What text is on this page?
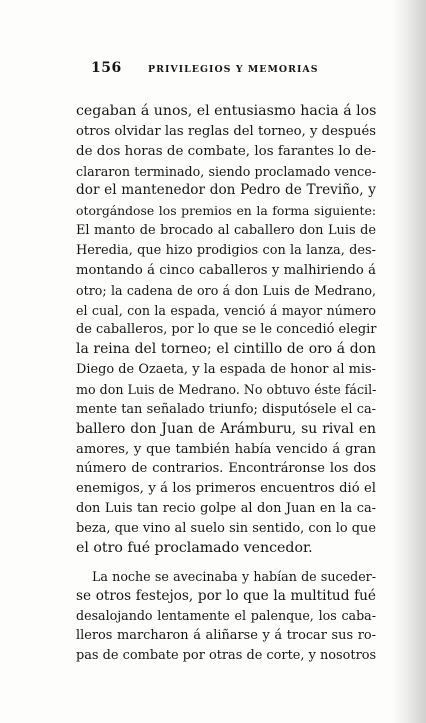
156	PRIVILEGIOS Y MEMORIAS
cegaban á unos, el entusiasmo hacia á los
otros olvidar las reglas del torneo, y después
de dos horas de combate, los farantes lo de-
clararon terminado, siendo proclamado vence-
dor el mantenedor don Pedro de Treviño, y
otorgándose los premios en la forma siguiente:
El manto de brocado al caballero don Luis de
Heredia, que hizo prodigios con la lanza, des-
montando á cinco caballeros y malhiriendo á
otro; la cadena de oro á don Luis de Medrano,
el cual, con la espada, venció á mayor número
de caballeros, por lo que se le concedió elegir
la reina del torneo; el cintillo de oro á don
Diego de Ozaeta, y la espada de honor al mis-
mo don Luis de Medrano. No obtuvo éste fácil-
mente tan señalado triunfo; disputósele el ca-
ballero don Juan de Arámburu, su rival en
amores, y que también había vencido á gran
número de contrarios. Encontráronse los dos
enemigos, y á los primeros encuentros dió el
don Luis tan recio golpe al don Juan en la ca-
beza, que vino al suelo sin sentido, con lo que
el otro fué proclamado vencedor.
La noche se avecinaba y habían de suceder-
se otros festejos, por lo que la multitud fué
desalojando lentamente el palenque, los caba-
lleros marcharon á aliñarse y á trocar sus ro-
pas de combate por otras de corte, y nosotros
